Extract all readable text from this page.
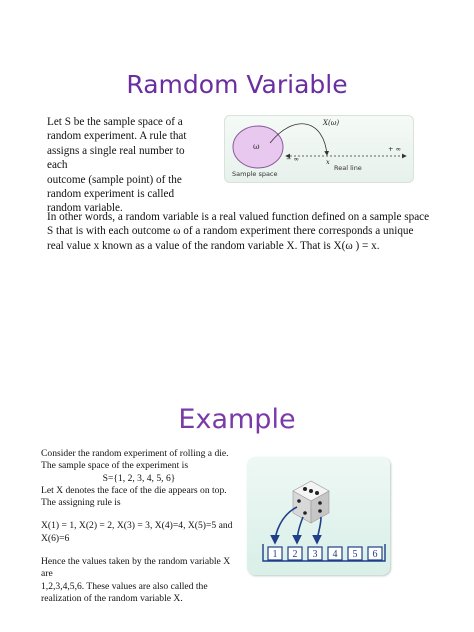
Ramdom Variable
Let S be the sample space of a
random experiment. A rule that
assigns a single real number to each
outcome (sample point) of the
random experiment is called
random variable.
ω
X(ω)
− ∞	x
+ ∞
Sample space
Real line
In other words, a random variable is a real valued function defined on a sample space S that is with each outcome ω of a random experiment there corresponds a unique real value x known as a value of the random variable X. That is X(ω ) = x.
Example

Consider the random experiment of rolling a die.

The sample space of the experiment is

S={1, 2, 3, 4, 5, 6}

Let X denotes the face of the die appears on top.

The assigning rule is

X(1) = 1, X(2) = 2, X(3) = 3, X(4)=4, X(5)=5 and

X(6)=6

Hence the values taken by the random variable X are

1,2,3,4,5,6. These values are also called the

realization of the random variable X.

1 2 3 4 5 6
